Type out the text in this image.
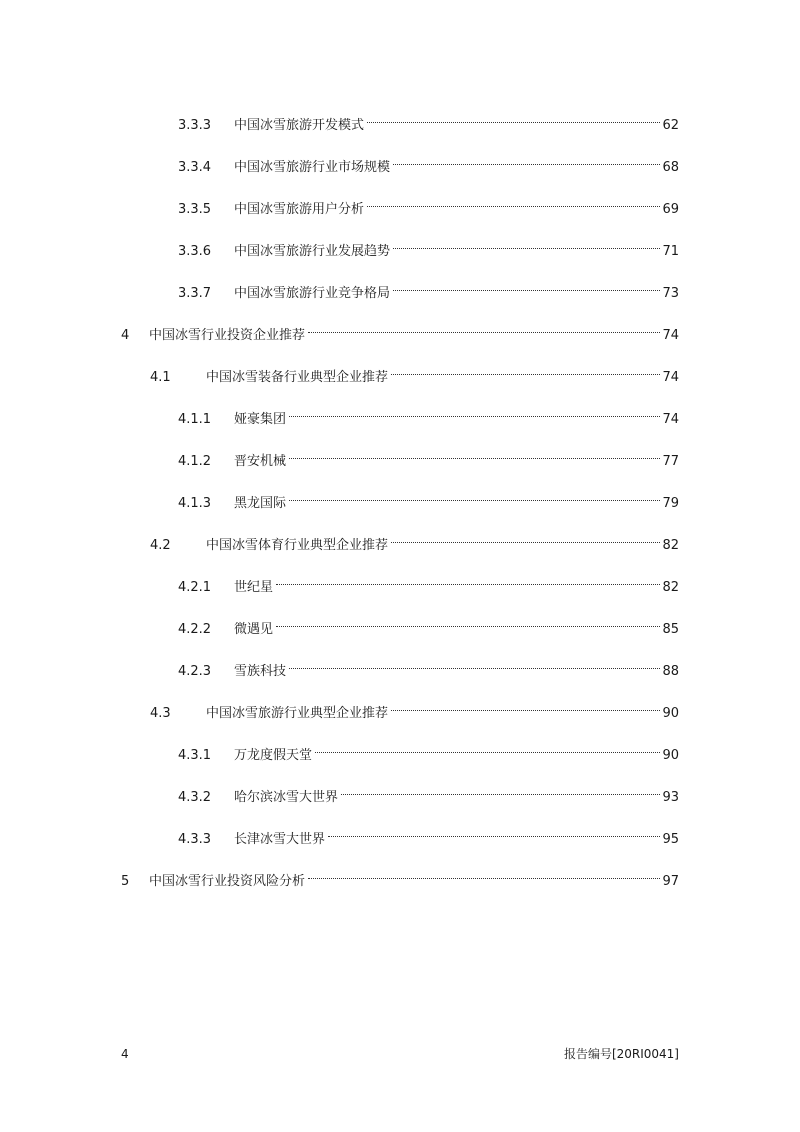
3.3.3	中国冰雪旅游开发模式	62
3.3.4	中国冰雪旅游行业市场规模	68
3.3.5	中国冰雪旅游用户分析	69
3.3.6	中国冰雪旅游行业发展趋势	71
3.3.7	中国冰雪旅游行业竞争格局	73
4	中国冰雪行业投资企业推荐	74
4.1	中国冰雪装备行业典型企业推荐	74
4.1.1	娅豪集团	74
4.1.2	晋安机械	77
4.1.3	黑龙国际	79
4.2	中国冰雪体育行业典型企业推荐	82
4.2.1	世纪星	82
4.2.2	微遇见	85
4.2.3	雪族科技	88
4.3	中国冰雪旅游行业典型企业推荐	90
4.3.1	万龙度假天堂	90
4.3.2	哈尔滨冰雪大世界	93
4.3.3	长津冰雪大世界	95
5	中国冰雪行业投资风险分析	97
4	报告编号[20RI0041]
